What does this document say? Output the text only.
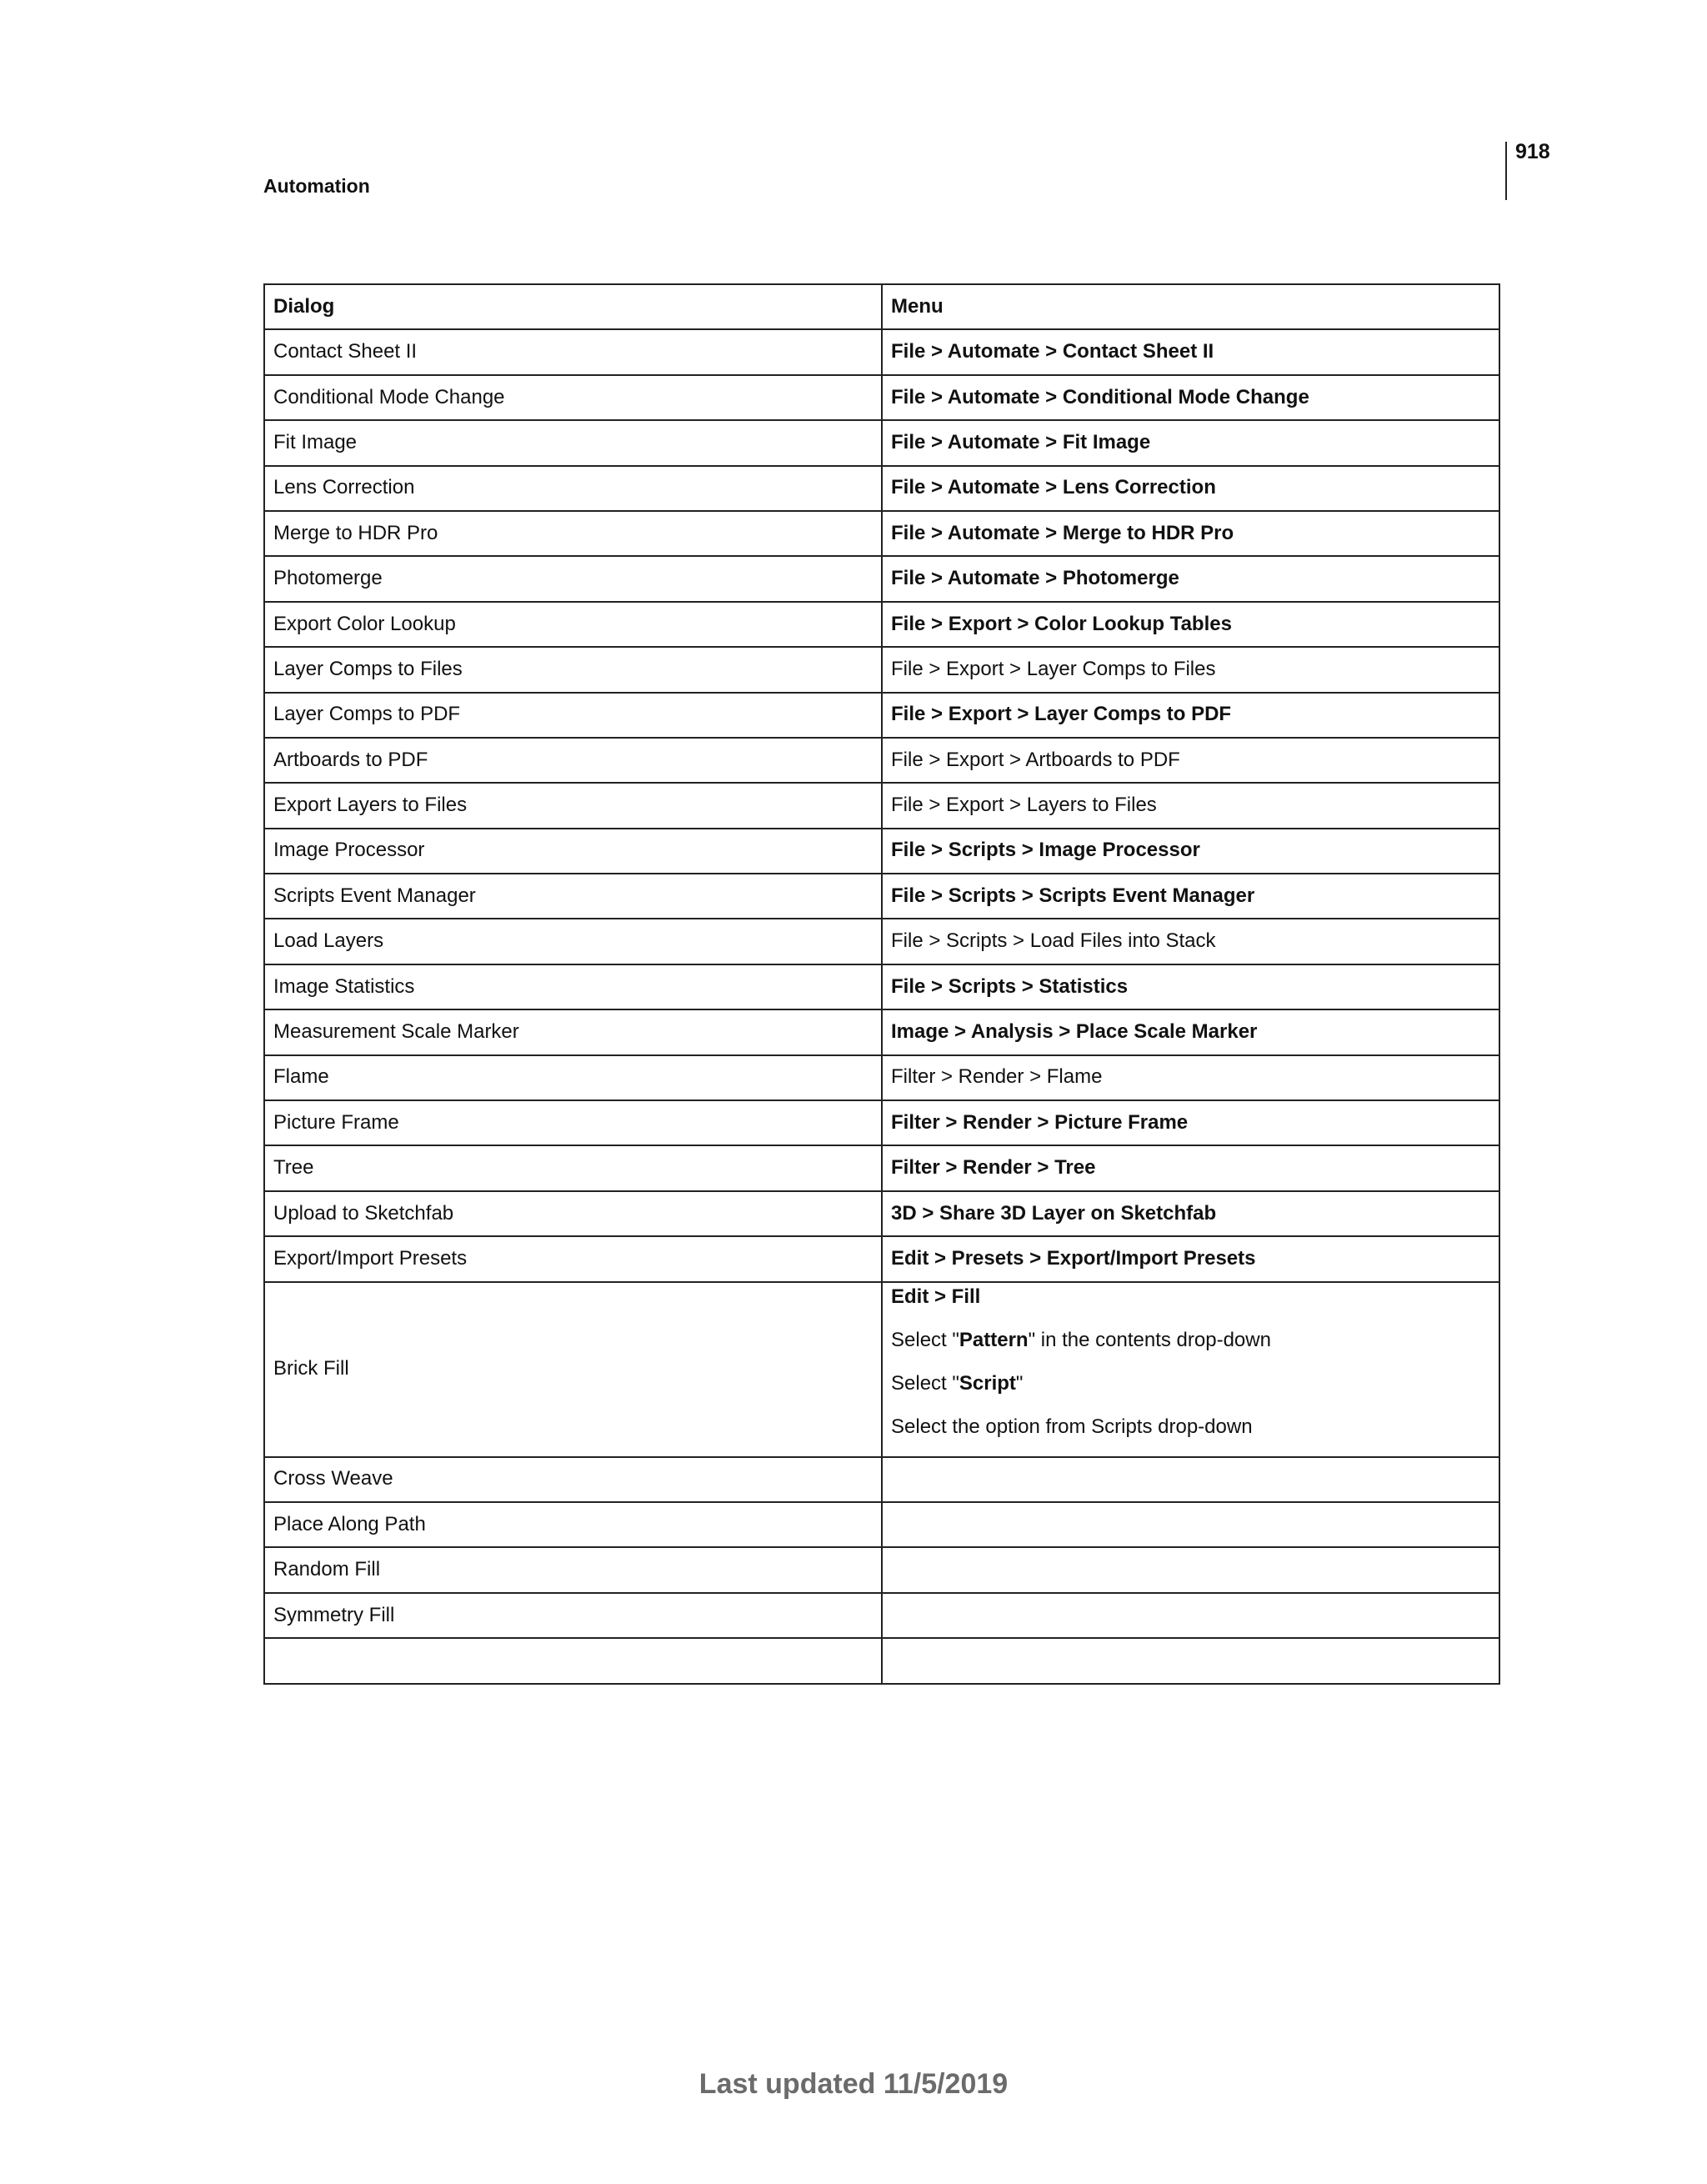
918
Automation
Dialog	Menu
Contact Sheet II	File > Automate > Contact Sheet II
Conditional Mode Change	File > Automate > Conditional Mode Change
Fit Image	File > Automate > Fit Image
Lens Correction	File > Automate > Lens Correction
Merge to HDR Pro	File > Automate > Merge to HDR Pro
Photomerge	File > Automate > Photomerge
Export Color Lookup	File > Export > Color Lookup Tables
Layer Comps to Files	File > Export > Layer Comps to Files
Layer Comps to PDF	File > Export > Layer Comps to PDF
Artboards to PDF	File > Export > Artboards to PDF
Export Layers to Files	File > Export > Layers to Files
Image Processor	File > Scripts > Image Processor
Scripts Event Manager	File > Scripts > Scripts Event Manager
Load Layers	File > Scripts > Load Files into Stack
Image Statistics	File > Scripts > Statistics
Measurement Scale Marker	Image > Analysis > Place Scale Marker
Flame	Filter > Render > Flame
Picture Frame	Filter > Render > Picture Frame
Tree	Filter > Render > Tree
Upload to Sketchfab	3D > Share 3D Layer on Sketchfab
Export/Import Presets	Edit > Presets > Export/Import Presets
Brick Fill	Edit > Fill
Select "Pattern" in the contents drop-down
Select "Script"
Select the option from Scripts drop-down

Cross Weave	
Place Along Path	
Random Fill	
Symmetry Fill	

Last updated 11/5/2019
